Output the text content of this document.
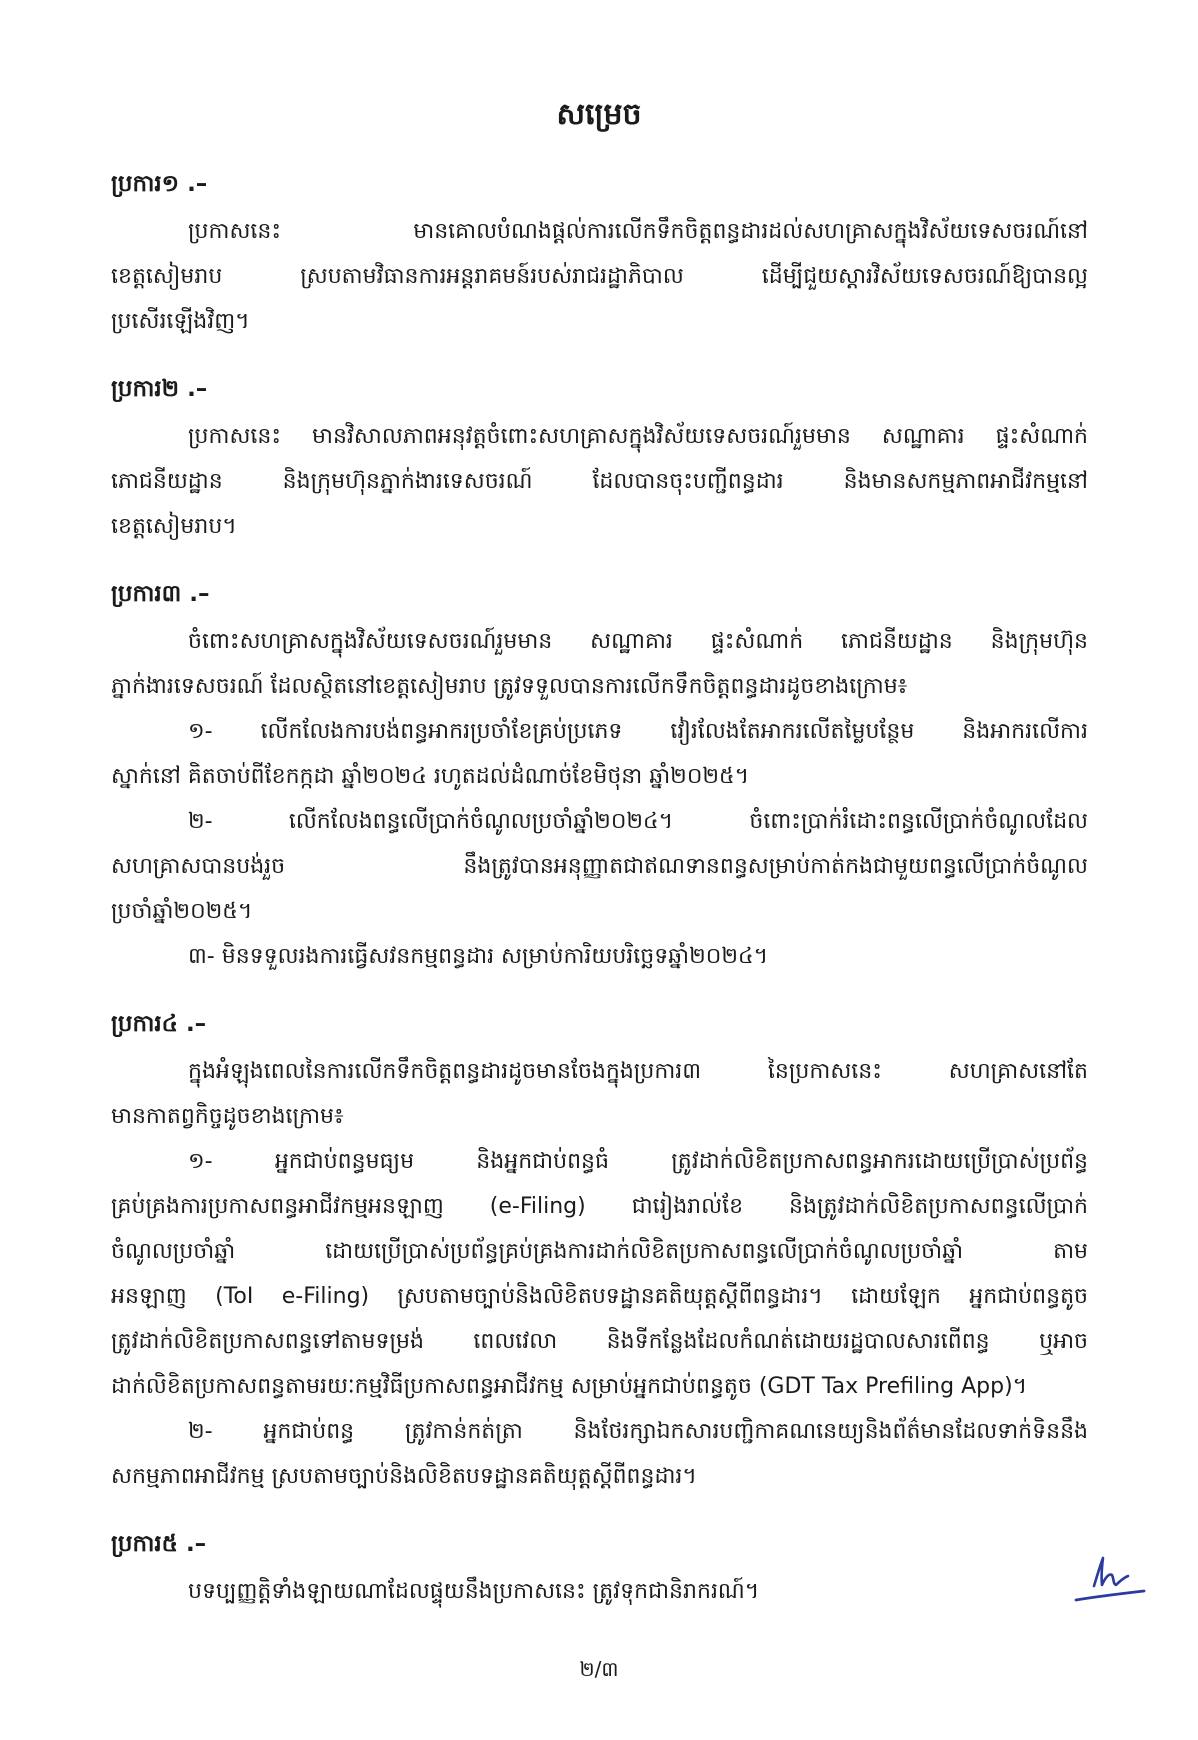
សម្រេច
ប្រការ១ .–
ប្រកាសនេះ មានគោលបំណងផ្តល់ការលើកទឹកចិត្តពន្ធដារដល់សហគ្រាសក្នុងវិស័យទេសចរណ៍នៅ
ខេត្តសៀមរាប ស្របតាមវិធានការអន្តរាគមន៍របស់រាជរដ្ឋាភិបាល ដើម្បីជួយស្តារវិស័យទេសចរណ៍ឱ្យបានល្អ
ប្រសើរឡើងវិញ។
ប្រការ២ .–
ប្រកាសនេះ មានវិសាលភាពអនុវត្តចំពោះសហគ្រាសក្នុងវិស័យទេសចរណ៍រួមមាន សណ្ឋាគារ ផ្ទះសំណាក់
ភោជនីយដ្ឋាន និងក្រុមហ៊ុនភ្នាក់ងារទេសចរណ៍ ដែលបានចុះបញ្ជីពន្ធដារ និងមានសកម្មភាពអាជីវកម្មនៅ
ខេត្តសៀមរាប។
ប្រការ៣ .–
ចំពោះសហគ្រាសក្នុងវិស័យទេសចរណ៍រួមមាន សណ្ឋាគារ ផ្ទះសំណាក់ ភោជនីយដ្ឋាន និងក្រុមហ៊ុន
ភ្នាក់ងារទេសចរណ៍ ដែលស្ថិតនៅខេត្តសៀមរាប ត្រូវទទួលបានការលើកទឹកចិត្តពន្ធដារដូចខាងក្រោម៖
១- លើកលែងការបង់ពន្ធអាករប្រចាំខែគ្រប់ប្រភេទ វៀរលែងតែអាករលើតម្លៃបន្ថែម និងអាករលើការ
ស្នាក់នៅ គិតចាប់ពីខែកក្កដា ឆ្នាំ២០២៤ រហូតដល់ដំណាច់ខែមិថុនា ឆ្នាំ២០២៥។
២- លើកលែងពន្ធលើប្រាក់ចំណូលប្រចាំឆ្នាំ២០២៤។ ចំពោះប្រាក់រំដោះពន្ធលើប្រាក់ចំណូលដែល
សហគ្រាសបានបង់រួច នឹងត្រូវបានអនុញ្ញាតជាឥណទានពន្ធសម្រាប់កាត់កងជាមួយពន្ធលើប្រាក់ចំណូល
ប្រចាំឆ្នាំ២០២៥។
៣- មិនទទួលរងការធ្វើសវនកម្មពន្ធដារ សម្រាប់ការិយបរិច្ឆេទឆ្នាំ២០២៤។
ប្រការ៤ .–
ក្នុងអំឡុងពេលនៃការលើកទឹកចិត្តពន្ធដារដូចមានចែងក្នុងប្រការ៣ នៃប្រកាសនេះ សហគ្រាសនៅតែ
មានកាតព្វកិច្ចដូចខាងក្រោម៖
១- អ្នកជាប់ពន្ធមធ្យម និងអ្នកជាប់ពន្ធធំ ត្រូវដាក់លិខិតប្រកាសពន្ធអាករដោយប្រើប្រាស់ប្រព័ន្ធ
គ្រប់គ្រងការប្រកាសពន្ធអាជីវកម្មអនឡាញ (e-Filing) ជារៀងរាល់ខែ និងត្រូវដាក់លិខិតប្រកាសពន្ធលើប្រាក់
ចំណូលប្រចាំឆ្នាំ ដោយប្រើប្រាស់ប្រព័ន្ធគ្រប់គ្រងការដាក់លិខិតប្រកាសពន្ធលើប្រាក់ចំណូលប្រចាំឆ្នាំ តាម
អនឡាញ (ToI e-Filing) ស្របតាមច្បាប់និងលិខិតបទដ្ឋានគតិយុត្តស្តីពីពន្ធដារ។ ដោយឡែក អ្នកជាប់ពន្ធតូច
ត្រូវដាក់លិខិតប្រកាសពន្ធទៅតាមទម្រង់ ពេលវេលា និងទីកន្លែងដែលកំណត់ដោយរដ្ឋបាលសារពើពន្ធ ឬអាច
ដាក់លិខិតប្រកាសពន្ធតាមរយៈកម្មវិធីប្រកាសពន្ធអាជីវកម្ម សម្រាប់អ្នកជាប់ពន្ធតូច (GDT Tax Prefiling App)។
២- អ្នកជាប់ពន្ធ ត្រូវកាន់កត់ត្រា និងថែរក្សាឯកសារបញ្ជិកាគណនេយ្យនិងព័ត៌មានដែលទាក់ទិននឹង
សកម្មភាពអាជីវកម្ម ស្របតាមច្បាប់និងលិខិតបទដ្ឋានគតិយុត្តស្តីពីពន្ធដារ។
ប្រការ៥ .–
បទប្បញ្ញត្តិទាំងឡាយណាដែលផ្ទុយនឹងប្រកាសនេះ ត្រូវទុកជានិរាករណ៍។
២/៣
